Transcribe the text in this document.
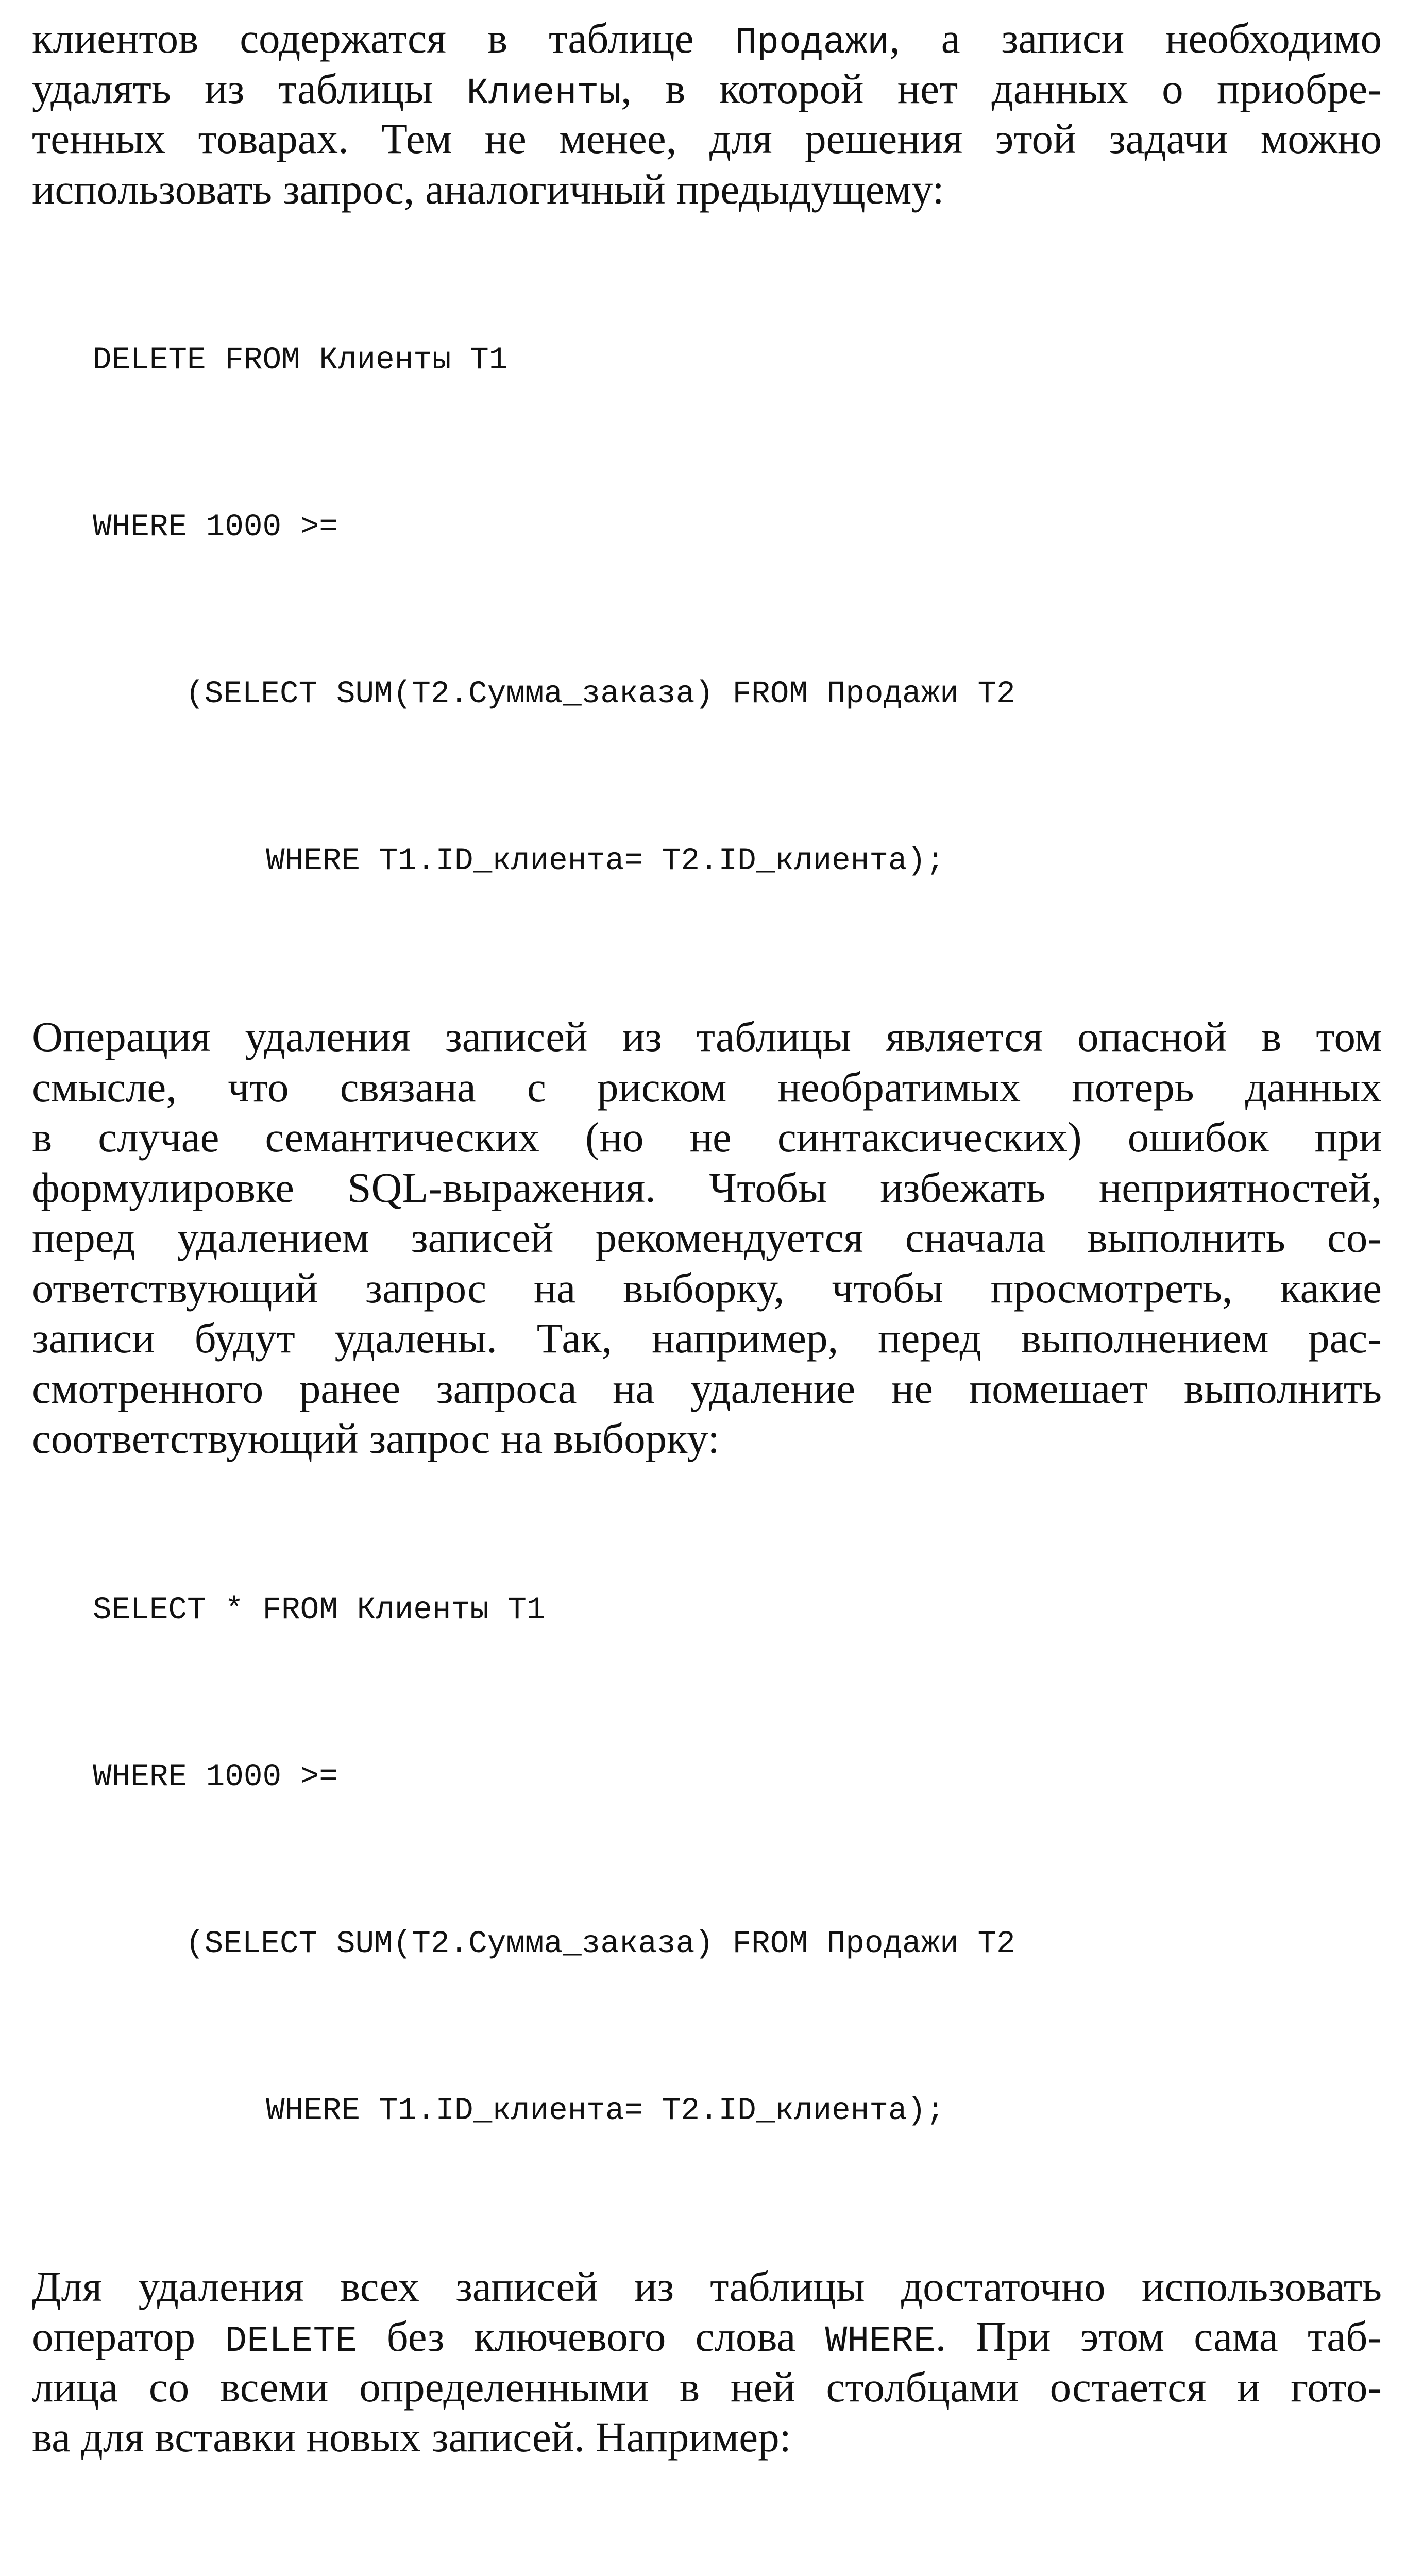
клиентов содержатся в таблице Продажи, а записи необходимо
удалять из таблицы Клиенты, в которой нет данных о приобре-
тенных товарах. Тем не менее, для решения этой задачи можно
использовать запрос, аналогичный предыдущему:

DELETE FROM Клиенты T1

WHERE 1000 >=

(SELECT SUM(T2.Сумма_заказа) FROM Продажи T2

WHERE T1.ID_клиента= T2.ID_клиента);

Операция удаления записей из таблицы является опасной в том
смысле, что связана с риском необратимых потерь данных
в случае семантических (но не синтаксических) ошибок при
формулировке SQL-выражения. Чтобы избежать неприятностей,
перед удалением записей рекомендуется сначала выполнить со-
ответствующий запрос на выборку, чтобы просмотреть, какие
записи будут удалены. Так, например, перед выполнением рас-
смотренного ранее запроса на удаление не помешает выполнить
соответствующий запрос на выборку:

SELECT * FROM Клиенты T1

WHERE 1000 >=

(SELECT SUM(T2.Сумма_заказа) FROM Продажи T2

WHERE T1.ID_клиента= T2.ID_клиента);

Для удаления всех записей из таблицы достаточно использовать
оператор DELETE без ключевого слова WHERE. При этом сама таб-
лица со всеми определенными в ней столбцами остается и гото-
ва для вставки новых записей. Например:
